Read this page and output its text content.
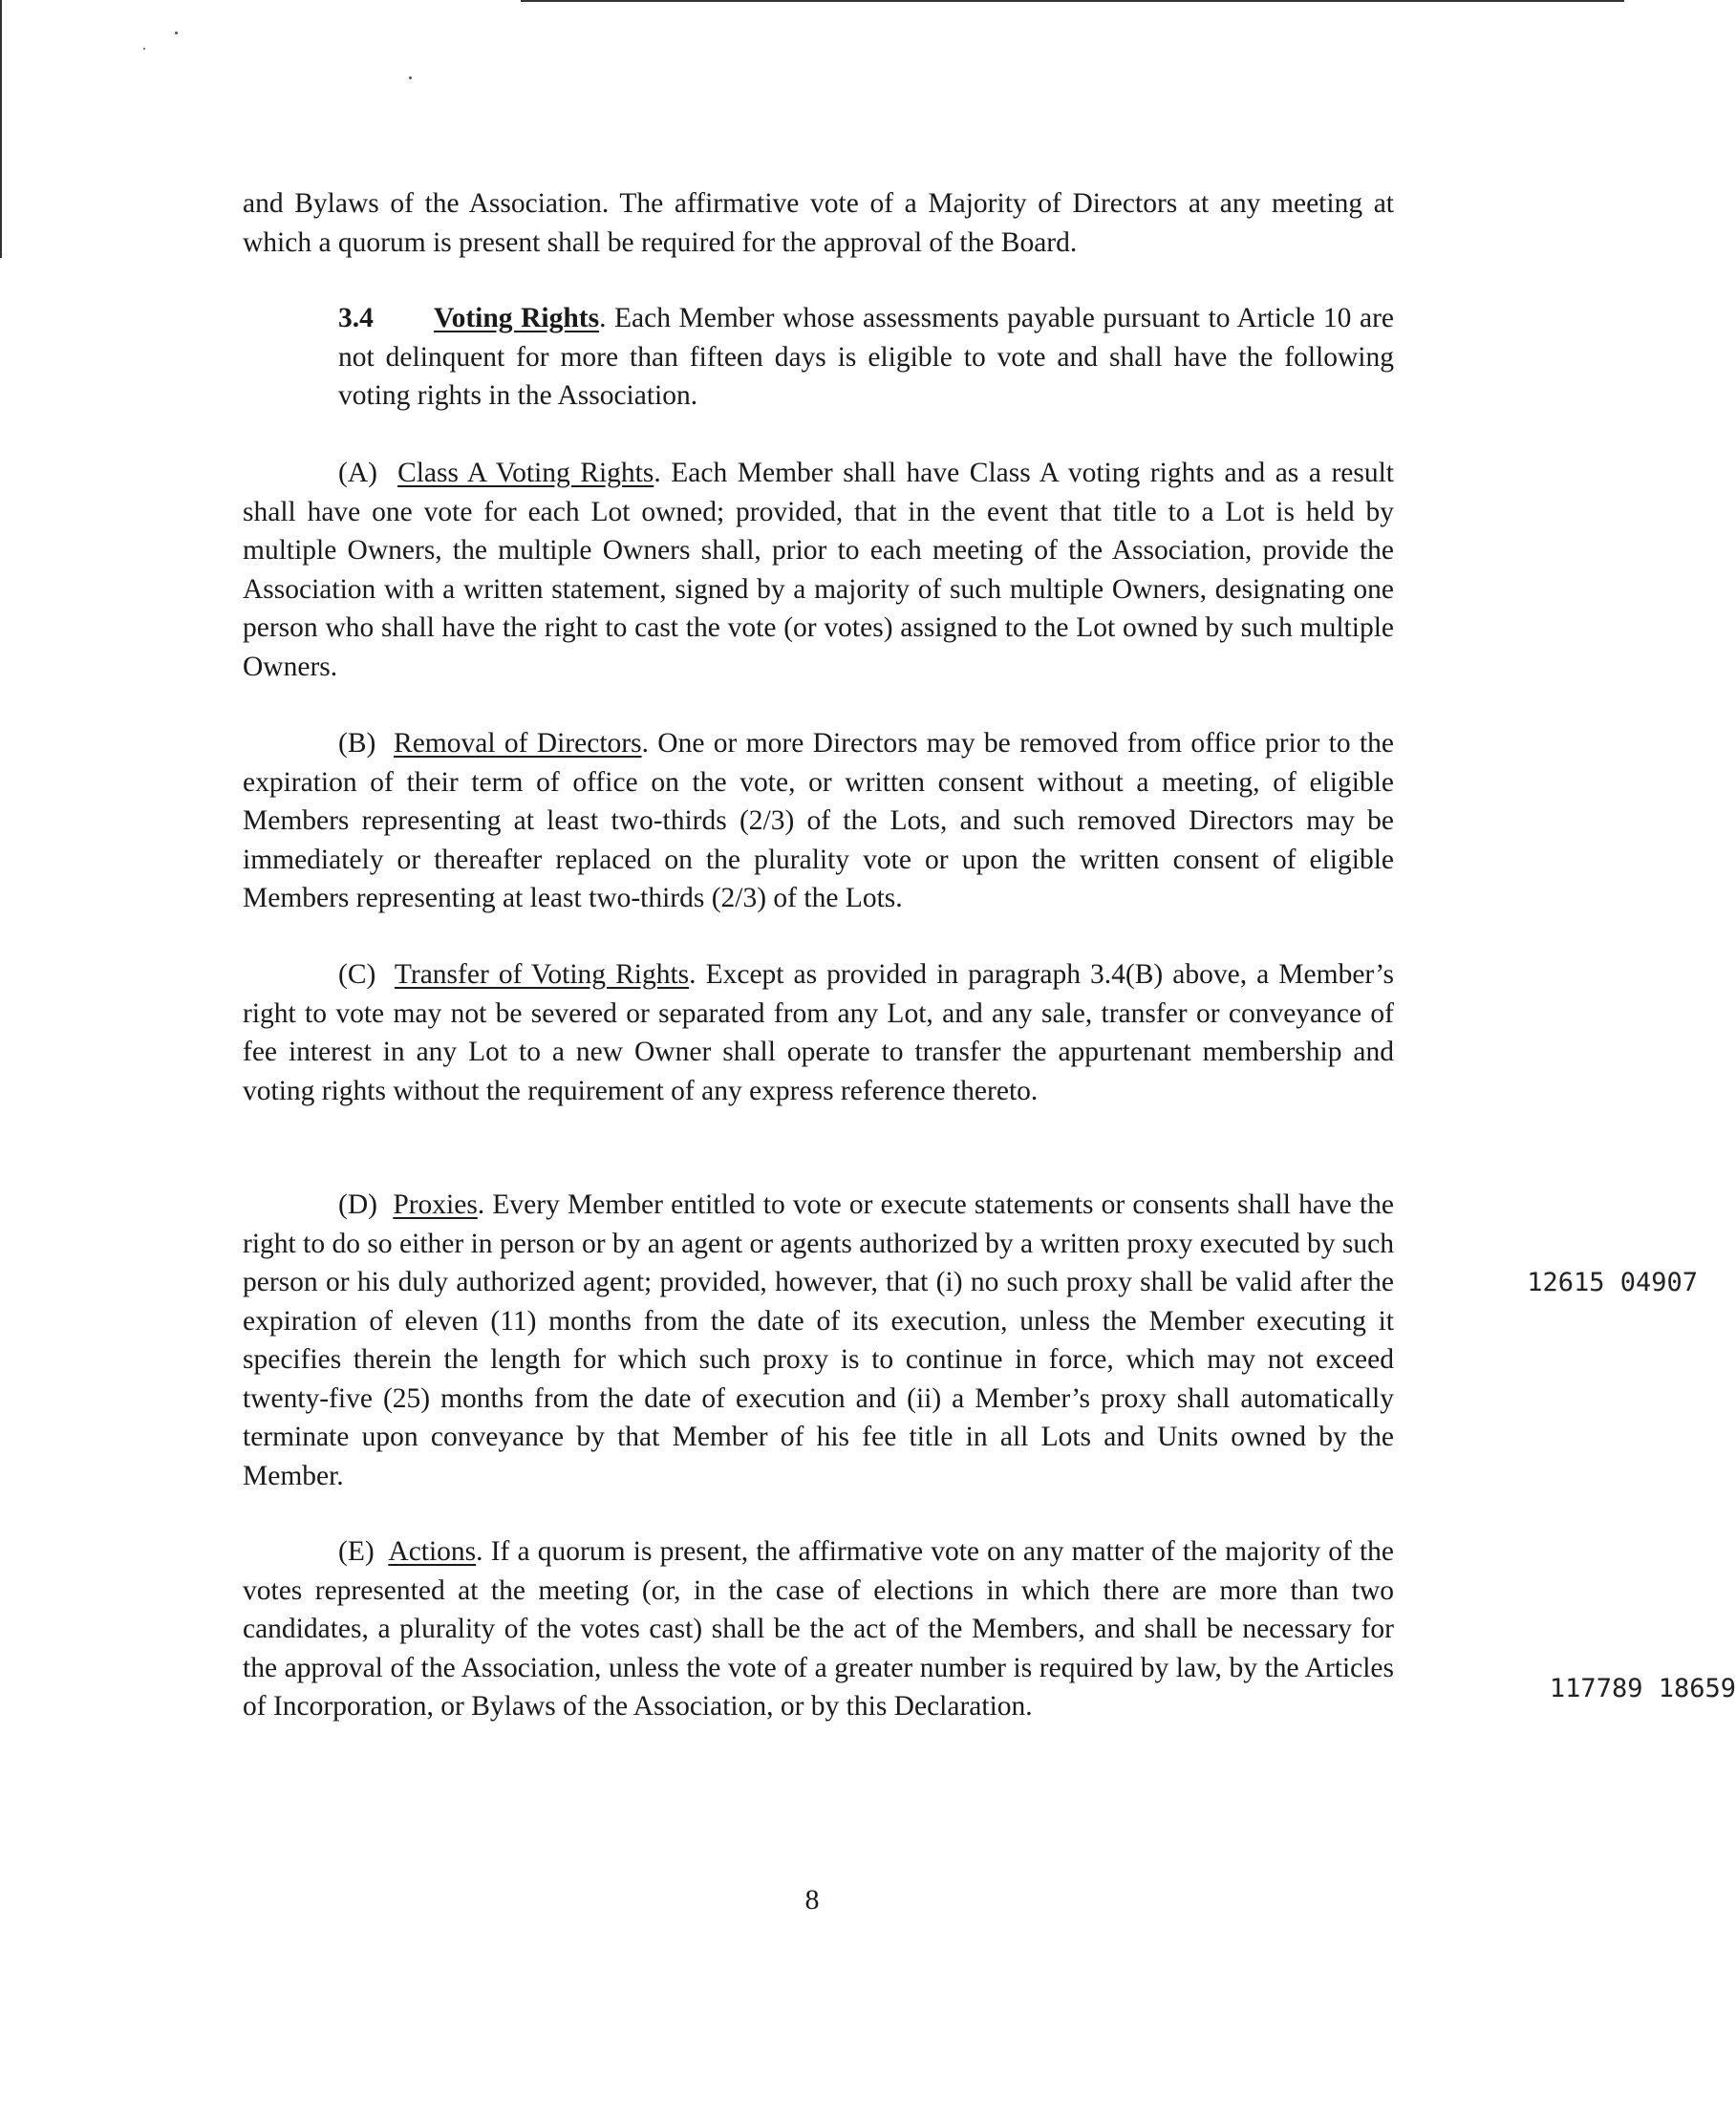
and Bylaws of the Association. The affirmative vote of a Majority of Directors at any meeting at which a quorum is present shall be required for the approval of the Board.

3.4 Voting Rights. Each Member whose assessments payable pursuant to Article 10 are not delinquent for more than fifteen days is eligible to vote and shall have the following voting rights in the Association.

(A) Class A Voting Rights. Each Member shall have Class A voting rights and as a result shall have one vote for each Lot owned; provided, that in the event that title to a Lot is held by multiple Owners, the multiple Owners shall, prior to each meeting of the Association, provide the Association with a written statement, signed by a majority of such multiple Owners, designating one person who shall have the right to cast the vote (or votes) assigned to the Lot owned by such multiple Owners.

(B) Removal of Directors. One or more Directors may be removed from office prior to the expiration of their term of office on the vote, or written consent without a meeting, of eligible Members representing at least two-thirds (2/3) of the Lots, and such removed Directors may be immediately or thereafter replaced on the plurality vote or upon the written consent of eligible Members representing at least two-thirds (2/3) of the Lots.

(C) Transfer of Voting Rights. Except as provided in paragraph 3.4(B) above, a Member’s right to vote may not be severed or separated from any Lot, and any sale, transfer or conveyance of fee interest in any Lot to a new Owner shall operate to transfer the appurtenant membership and voting rights without the requirement of any express reference thereto.

(D) Proxies. Every Member entitled to vote or execute statements or consents shall have the right to do so either in person or by an agent or agents authorized by a written proxy executed by such person or his duly authorized agent; provided, however, that (i) no such proxy shall be valid after the expiration of eleven (11) months from the date of its execution, unless the Member executing it specifies therein the length for which such proxy is to continue in force, which may not exceed twenty-five (25) months from the date of execution and (ii) a Member’s proxy shall automatically terminate upon conveyance by that Member of his fee title in all Lots and Units owned by the Member.

(E) Actions. If a quorum is present, the affirmative vote on any matter of the majority of the votes represented at the meeting (or, in the case of elections in which there are more than two candidates, a plurality of the votes cast) shall be the act of the Members, and shall be necessary for the approval of the Association, unless the vote of a greater number is required by law, by the Articles of Incorporation, or Bylaws of the Association, or by this Declaration.

8
12615 04907
117789 18659
